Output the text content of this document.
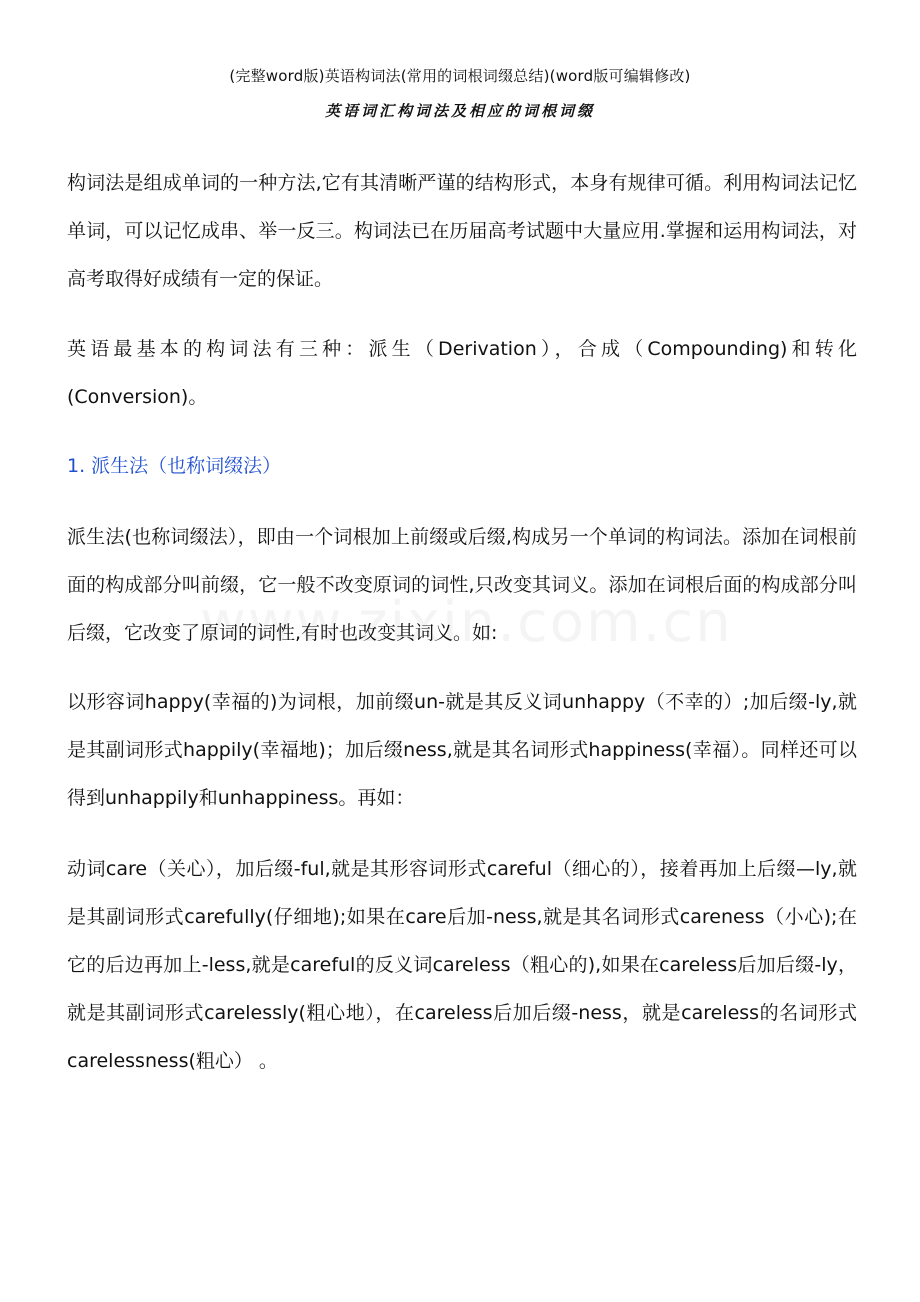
(完整word版)英语构词法(常用的词根词缀总结)(word版可编辑修改)
英语词汇构词法及相应的词根词缀

构词法是组成单词的一种方法,它有其清晰严谨的结构形式，本身有规律可循。利用构词法记忆单词，可以记忆成串、举一反三。构词法已在历届高考试题中大量应用.掌握和运用构词法，对高考取得好成绩有一定的保证。

英语最基本的构词法有三种：派生（Derivation），合成（Compounding)和转化(Conversion)。

1. 派生法（也称词缀法）

派生法(也称词缀法），即由一个词根加上前缀或后缀,构成另一个单词的构词法。添加在词根前面的构成部分叫前缀，它一般不改变原词的词性,只改变其词义。添加在词根后面的构成部分叫后缀，它改变了原词的词性,有时也改变其词义。如:

以形容词happy(幸福的)为词根，加前缀un-就是其反义词unhappy（不幸的）;加后缀-ly,就是其副词形式happily(幸福地)；加后缀ness,就是其名词形式happiness(幸福）。同样还可以得到unhappily和unhappiness。再如：

动词care（关心），加后缀-ful,就是其形容词形式careful（细心的），接着再加上后缀—ly,就是其副词形式carefully(仔细地);如果在care后加-ness,就是其名词形式careness（小心);在它的后边再加上-less,就是careful的反义词careless（粗心的),如果在careless后加后缀-ly，就是其副词形式carelessly(粗心地），在careless后加后缀-ness，就是careless的名词形式carelessness(粗心） 。
